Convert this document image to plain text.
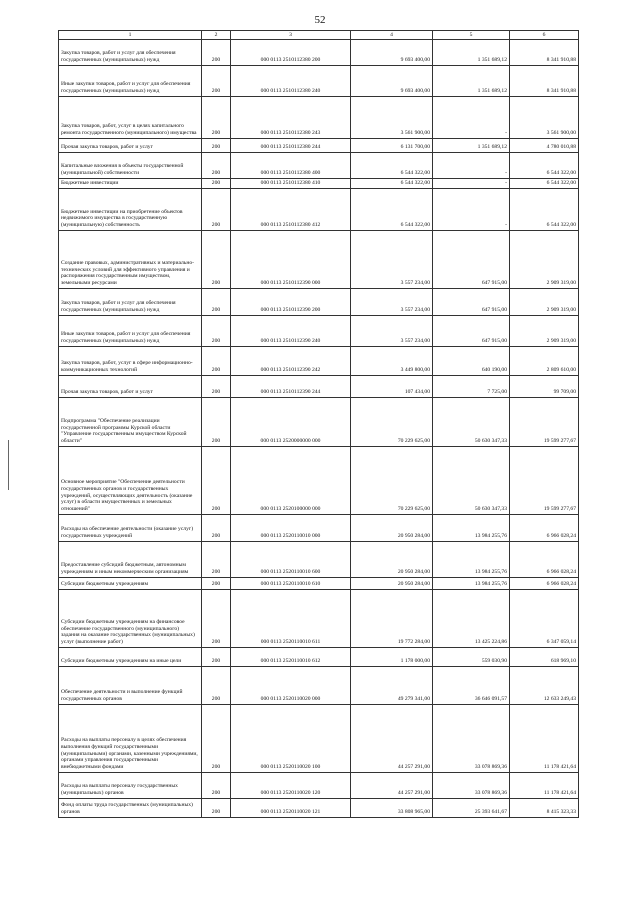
52
1	2	3	4	5	6
Закупка товаров, работ и услуг для обеспечения государственных (муниципальных) нужд	200	000 0113 2510112380 200	9 693 400,00	1 351 689,12	8 341 910,88
Иные закупки товаров, работ и услуг для обеспечения государственных (муниципальных) нужд	200	000 0113 2510112380 240	9 693 400,00	1 351 689,12	8 341 910,88
Закупка товаров, работ, услуг в целях капитального ремонта государственного (муниципального) имущества	200	000 0113 2510112380 243	3 561 900,00	-	3 561 900,00
Прочая закупка товаров, работ и услуг	200	000 0113 2510112380 244	6 131 700,00	1 351 689,12	4 780 010,88
Капитальные вложения в объекты государственной (муниципальной) собственности	200	000 0113 2510112380 400	6 544 322,00	-	6 544 322,00
Бюджетные инвестиции	200	000 0113 2510112380 410	6 544 322,00	-	6 544 322,00
Бюджетные инвестиции на приобретение объектов недвижимого имущества в государственную (муниципальную) собственность	200	000 0113 2510112380 412	6 544 322,00	-	6 544 322,00
Создание правовых, административных и материально-технических условий для эффективного управления и распоряжения государственным имуществом, земельными ресурсами	200	000 0113 2510112390 000	3 557 234,00	647 915,00	2 909 319,00
Закупка товаров, работ и услуг для обеспечения государственных (муниципальных) нужд	200	000 0113 2510112390 200	3 557 234,00	647 915,00	2 909 319,00
Иные закупки товаров, работ и услуг для обеспечения государственных (муниципальных) нужд	200	000 0113 2510112390 240	3 557 234,00	647 915,00	2 909 319,00
Закупка товаров, работ, услуг в сфере информационно-коммуникационных технологий	200	000 0113 2510112390 242	3 449 800,00	640 190,00	2 809 610,00
Прочая закупка товаров, работ и услуг	200	000 0113 2510112390 244	107 434,00	7 725,00	99 709,00
Подпрограмма "Обеспечение реализации государственной программы Курской области "Управление государственным имуществом Курской области"	200	000 0113 2520000000 000	70 229 625,00	50 630 347,33	19 599 277,67
Основное мероприятие "Обеспечение деятельности государственных органов и государственных учреждений, осуществляющих деятельность (оказание услуг) в области имущественных и земельных отношений"	200	000 0113 2520100000 000	70 229 625,00	50 630 347,33	19 599 277,67
Расходы на обеспечение деятельности (оказание услуг) государственных учреждений	200	000 0113 2520110010 000	20 950 284,00	13 984 255,76	6 966 028,24
Предоставление субсидий бюджетным, автономным учреждениям и иным некоммерческим организациям	200	000 0113 2520110010 600	20 950 284,00	13 984 255,76	6 966 028,24
Субсидии бюджетным учреждениям	200	000 0113 2520110010 610	20 950 284,00	13 984 255,76	6 966 028,24
Субсидии бюджетным учреждениям на финансовое обеспечение государственного (муниципального) задания на оказание государственных (муниципальных) услуг (выполнение работ)	200	000 0113 2520110010 611	19 772 284,00	13 425 224,86	6 347 059,14
Субсидии бюджетным учреждениям на иные цели	200	000 0113 2520110010 612	1 178 000,00	559 030,90	618 969,10
Обеспечение деятельности и выполнение функций государственных органов	200	000 0113 2520110020 000	49 279 341,00	36 646 091,57	12 633 249,43
Расходы на выплаты персоналу в целях обеспечения выполнения функций государственными (муниципальными) органами, казенными учреждениями, органами управления государственными внебюджетными фондами	200	000 0113 2520110020 100	44 257 291,00	33 078 869,36	11 178 421,64
Расходы на выплаты персоналу государственных (муниципальных) органов	200	000 0113 2520110020 120	44 257 291,00	33 078 869,36	11 178 421,64
Фонд оплаты труда государственных (муниципальных) органов	200	000 0113 2520110020 121	33 808 965,00	25 393 641,67	8 415 323,33
